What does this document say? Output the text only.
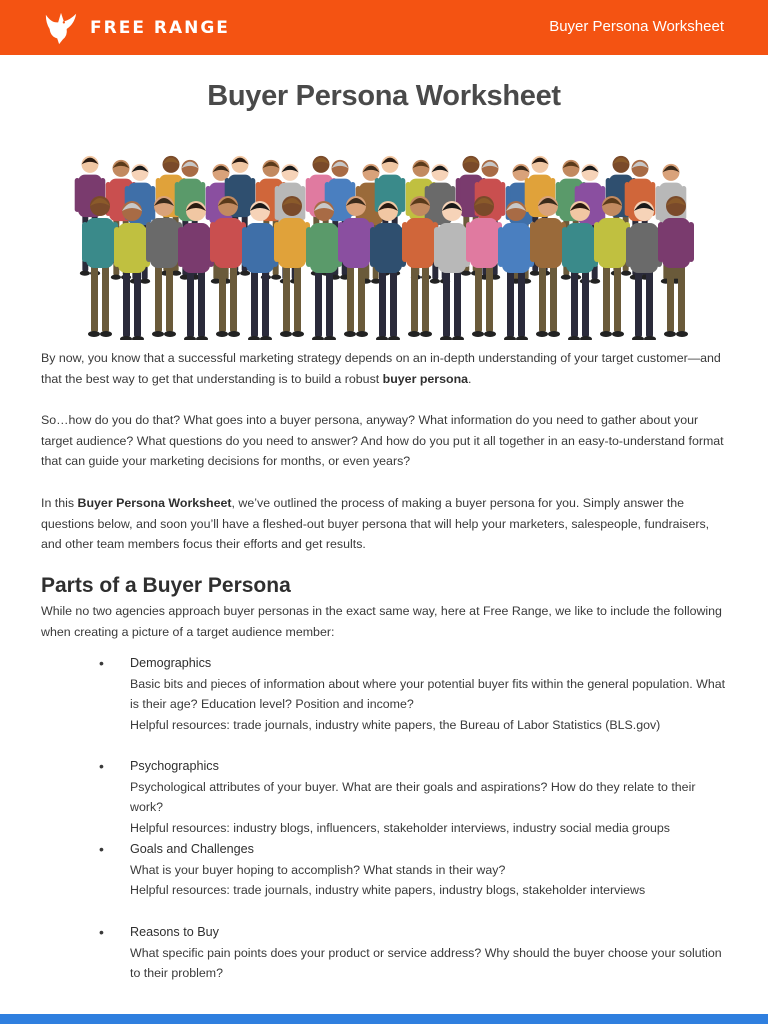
FREE RANGE	Buyer Persona Worksheet
Buyer Persona Worksheet
By now, you know that a successful marketing strategy depends on an in-depth understanding of your target customer—and that the best way to get that understanding is to build a robust buyer persona.
So…how do you do that? What goes into a buyer persona, anyway? What information do you need to gather about your target audience? What questions do you need to answer? And how do you put it all together in an easy-to-understand format that can guide your marketing decisions for months, or even years?
In this Buyer Persona Worksheet, we’ve outlined the process of making a buyer persona for you. Simply answer the questions below, and soon you’ll have a fleshed-out buyer persona that will help your marketers, salespeople, fundraisers, and other team members focus their efforts and get results.
Parts of a Buyer Persona
While no two agencies approach buyer personas in the exact same way, here at Free Range, we like to include the following when creating a picture of a target audience member:
• Demographics
Basic bits and pieces of information about where your potential buyer fits within the general population. What is their age? Education level? Position and income?
Helpful resources: trade journals, industry white papers, the Bureau of Labor Statistics (BLS.gov)
• Psychographics
Psychological attributes of your buyer. What are their goals and aspirations? How do they relate to their work?
Helpful resources: industry blogs, influencers, stakeholder interviews, industry social media groups
• Goals and Challenges
What is your buyer hoping to accomplish? What stands in their way?
Helpful resources: trade journals, industry white papers, industry blogs, stakeholder interviews
• Reasons to Buy
What specific pain points does your product or service address? Why should the buyer choose your solution to their problem?
